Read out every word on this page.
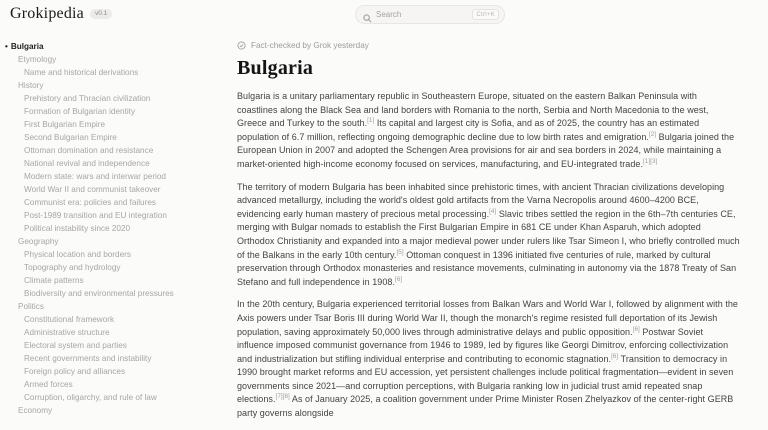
Grokipedia	v0.1	Search	Ctrl+K
• Bulgaria
Etymology
Name and historical derivations
History
Prehistory and Thracian civilization
Formation of Bulgarian identity
First Bulgarian Empire
Second Bulgarian Empire
Ottoman domination and resistance
National revival and independence
Modern state: wars and interwar period
World War II and communist takeover
Communist era: policies and failures
Post-1989 transition and EU integration
Political instability since 2020
Geography
Physical location and borders
Topography and hydrology
Climate patterns
Biodiversity and environmental pressures
Politics
Constitutional framework
Administrative structure
Electoral system and parties
Recent governments and instability
Foreign policy and alliances
Armed forces
Corruption, oligarchy, and rule of law
Economy
Fact-checked by Grok yesterday
Bulgaria

Bulgaria is a unitary parliamentary republic in Southeastern Europe, situated on the eastern Balkan Peninsula with coastlines along the Black Sea and land borders with Romania to the north, Serbia and North Macedonia to the west, Greece and Turkey to the south.[1] Its capital and largest city is Sofia, and as of 2025, the country has an estimated population of 6.7 million, reflecting ongoing demographic decline due to low birth rates and emigration.[2] Bulgaria joined the European Union in 2007 and adopted the Schengen Area provisions for air and sea borders in 2024, while maintaining a market-oriented high-income economy focused on services, manufacturing, and EU-integrated trade.[1][3]

The territory of modern Bulgaria has been inhabited since prehistoric times, with ancient Thracian civilizations developing advanced metallurgy, including the world's oldest gold artifacts from the Varna Necropolis around 4600–4200 BCE, evidencing early human mastery of precious metal processing.[4] Slavic tribes settled the region in the 6th–7th centuries CE, merging with Bulgar nomads to establish the First Bulgarian Empire in 681 CE under Khan Asparuh, which adopted Orthodox Christianity and expanded into a major medieval power under rulers like Tsar Simeon I, who briefly controlled much of the Balkans in the early 10th century.[5] Ottoman conquest in 1396 initiated five centuries of rule, marked by cultural preservation through Orthodox monasteries and resistance movements, culminating in autonomy via the 1878 Treaty of San Stefano and full independence in 1908.[6]

In the 20th century, Bulgaria experienced territorial losses from Balkan Wars and World War I, followed by alignment with the Axis powers under Tsar Boris III during World War II, though the monarch's regime resisted full deportation of its Jewish population, saving approximately 50,000 lives through administrative delays and public opposition.[6] Postwar Soviet influence imposed communist governance from 1946 to 1989, led by figures like Georgi Dimitrov, enforcing collectivization and industrialization but stifling individual enterprise and contributing to economic stagnation.[6] Transition to democracy in 1990 brought market reforms and EU accession, yet persistent challenges include political fragmentation—evident in seven governments since 2021—and corruption perceptions, with Bulgaria ranking low in judicial trust amid repeated snap elections.[7][8] As of January 2025, a coalition government under Prime Minister Rosen Zhelyazkov of the center-right GERB party governs alongside
